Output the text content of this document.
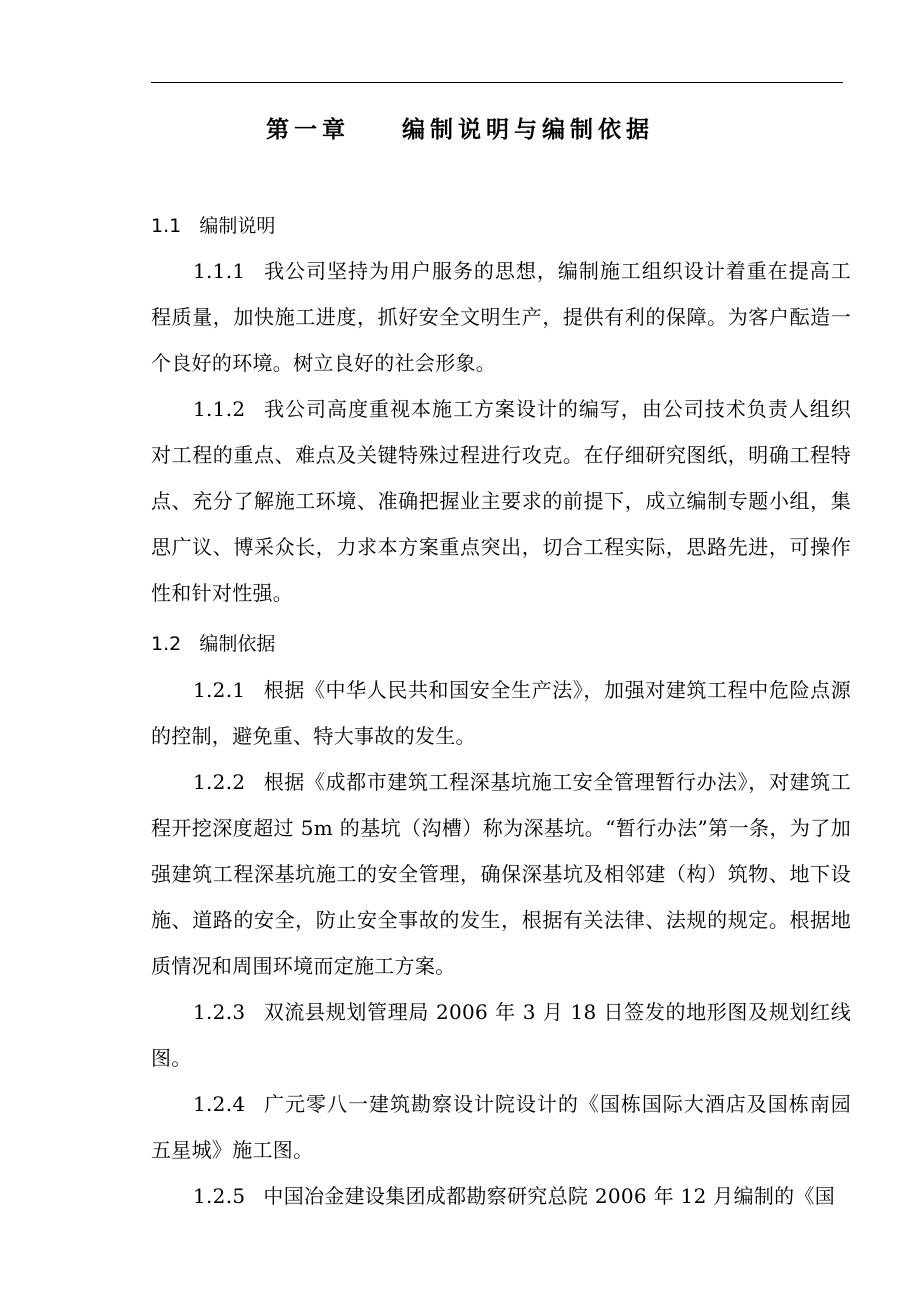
第一章    编制说明与编制依据
1.1   编制说明

1.1.1 我公司坚持为用户服务的思想，编制施工组织设计着重在提高工程质量，加快施工进度，抓好安全文明生产，提供有利的保障。为客户酝造一个良好的环境。树立良好的社会形象。

1.1.2 我公司高度重视本施工方案设计的编写，由公司技术负责人组织对工程的重点、难点及关键特殊过程进行攻克。在仔细研究图纸，明确工程特点、充分了解施工环境、准确把握业主要求的前提下，成立编制专题小组，集思广议、博采众长，力求本方案重点突出，切合工程实际，思路先进，可操作性和针对性强。

1.2   编制依据

1.2.1 根据《中华人民共和国安全生产法》，加强对建筑工程中危险点源的控制，避免重、特大事故的发生。

1.2.2 根据《成都市建筑工程深基坑施工安全管理暂行办法》，对建筑工程开挖深度超过 5m 的基坑（沟槽）称为深基坑。“暂行办法”第一条，为了加强建筑工程深基坑施工的安全管理，确保深基坑及相邻建（构）筑物、地下设施、道路的安全，防止安全事故的发生，根据有关法律、法规的规定。根据地质情况和周围环境而定施工方案。

1.2.3 双流县规划管理局 2006 年 3 月 18 日签发的地形图及规划红线图。

1.2.4 广元零八一建筑勘察设计院设计的《国栋国际大酒店及国栋南园五星城》施工图。

1.2.5 中国冶金建设集团成都勘察研究总院 2006 年 12 月编制的《国
